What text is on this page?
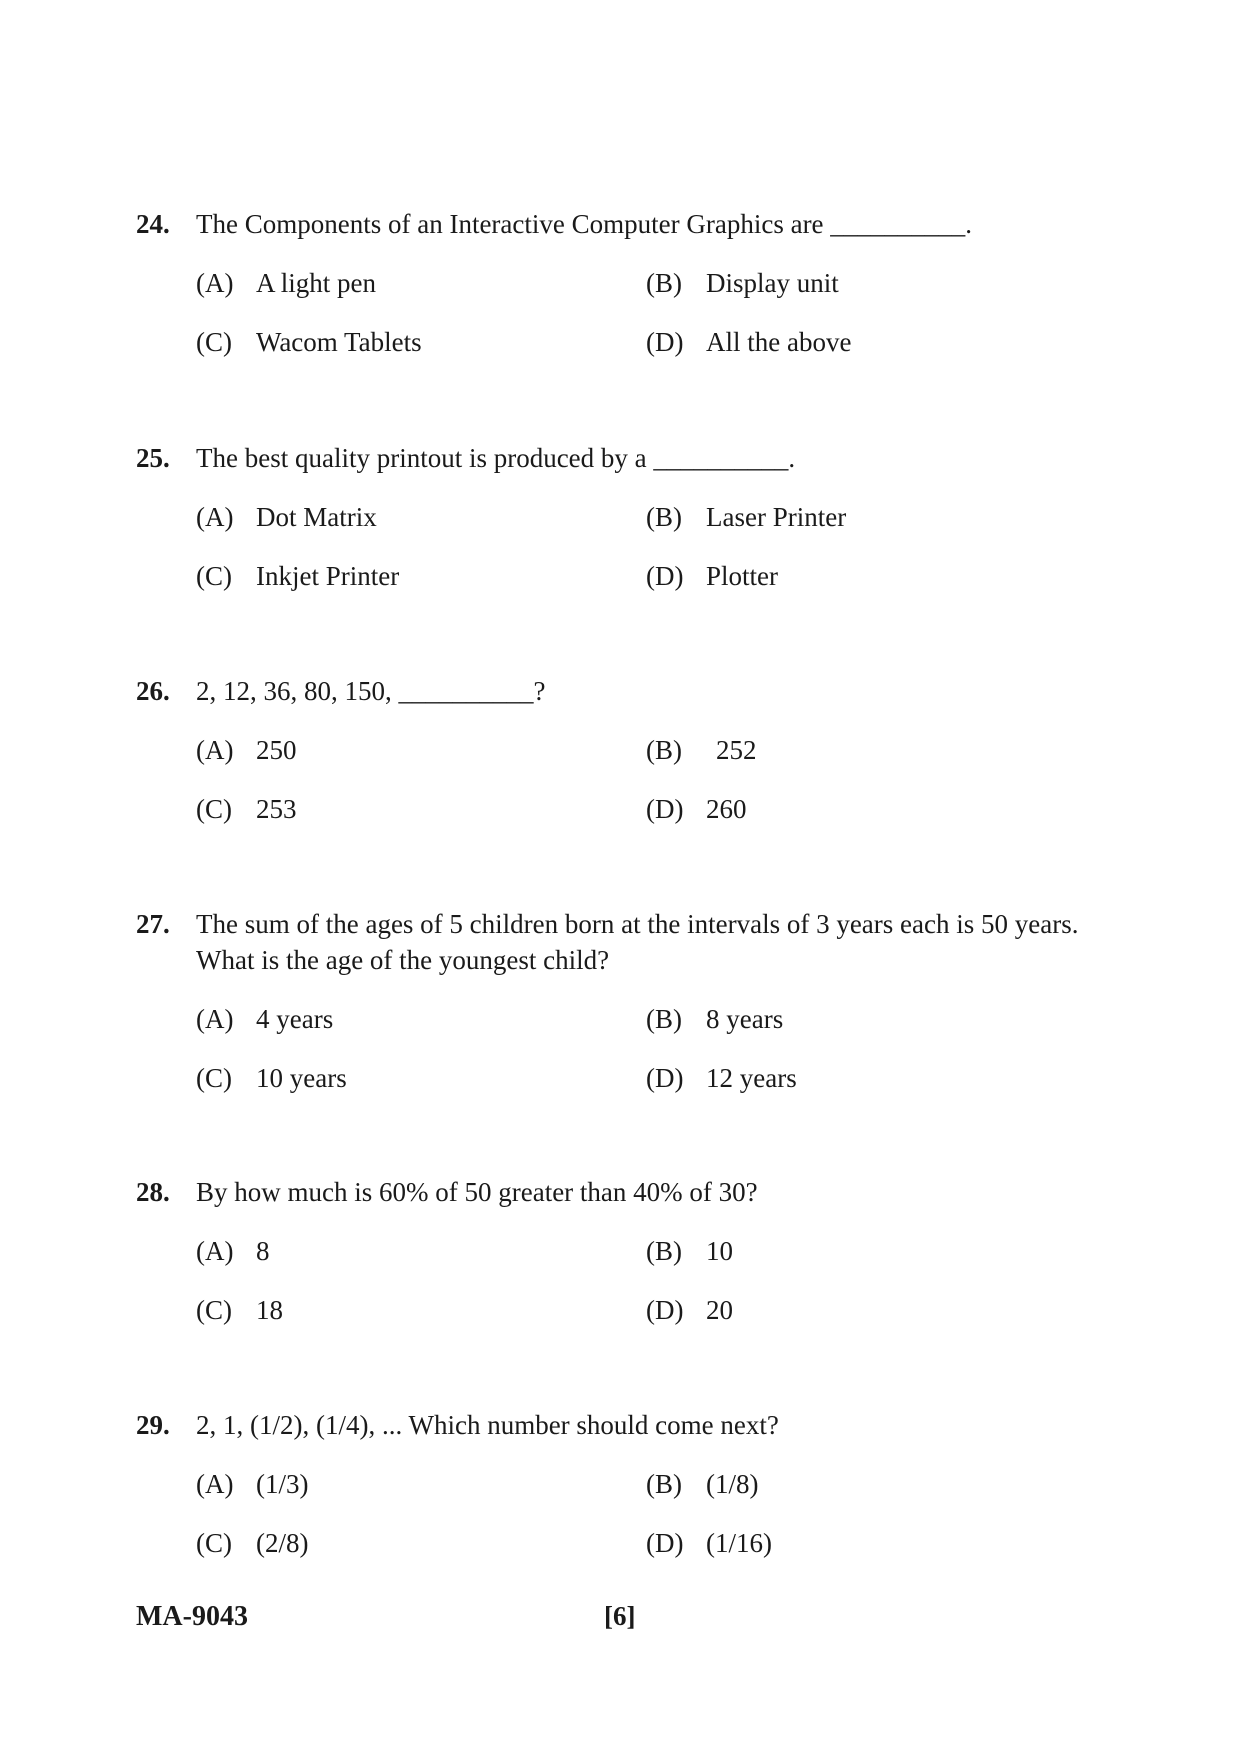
24. The Components of an Interactive Computer Graphics are __________.
(A) A light pen	(B) Display unit
(C) Wacom Tablets	(D) All the above
25. The best quality printout is produced by a __________.
(A) Dot Matrix	(B) Laser Printer
(C) Inkjet Printer	(D) Plotter
26. 2, 12, 36, 80, 150, __________?
(A) 250	(B)	252
(C) 253	(D) 260
27. The sum of the ages of 5 children born at the intervals of 3 years each is 50 years. What is the age of the youngest child?
(A) 4 years	(B) 8 years
(C) 10 years	(D) 12 years
28. By how much is 60% of 50 greater than 40% of 30?
(A) 8	(B) 10
(C) 18	(D) 20
29. 2, 1, (1/2), (1/4), ... Which number should come next?
(A) (1/3)	(B) (1/8)
(C) (2/8)	(D) (1/16)
MA-9043	[6]
